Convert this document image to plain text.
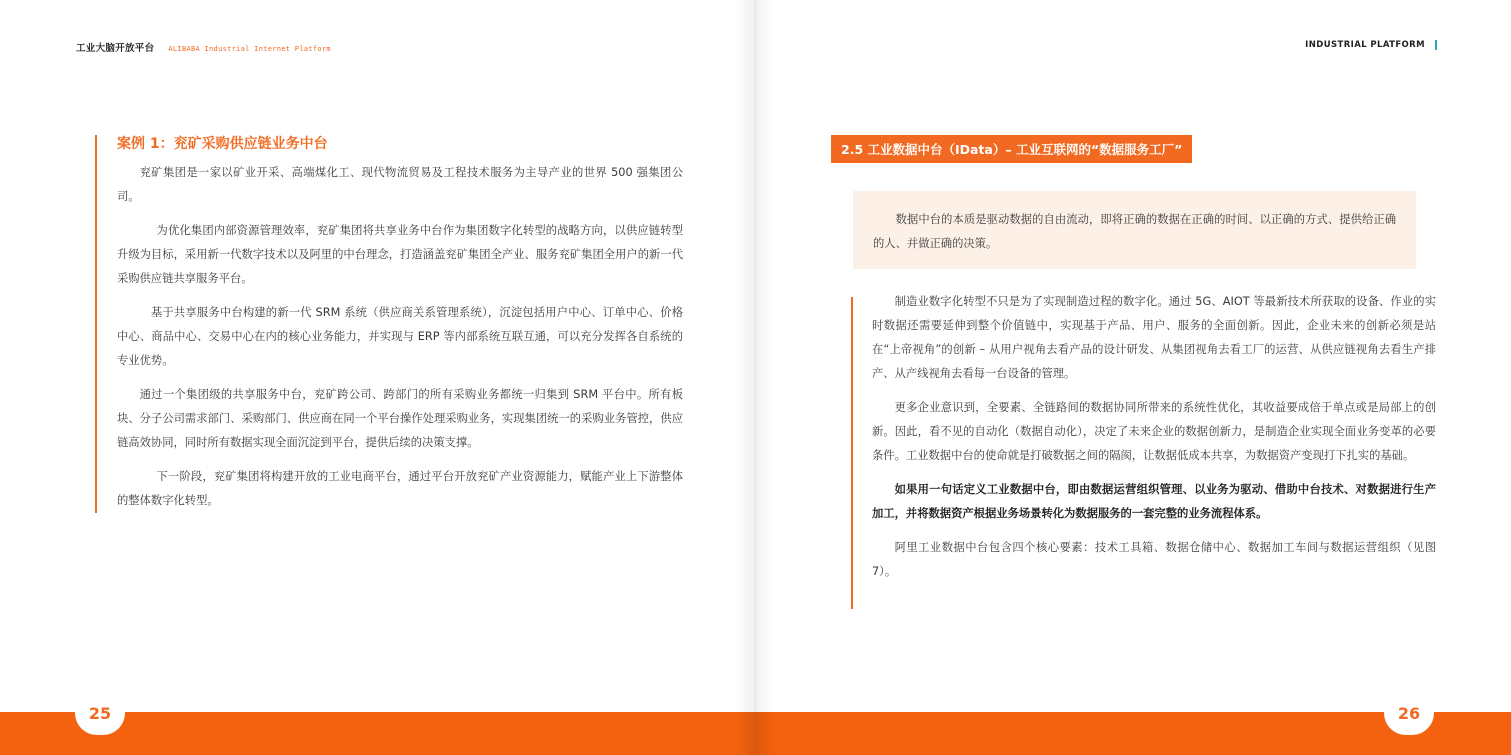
工业大脑开放平台 ALIBABA Industrial Internet Platform
案例 1：兖矿采购供应链业务中台

兖矿集团是一家以矿业开采、高端煤化工、现代物流贸易及工程技术服务为主导产业的世界 500 强集团公司。

为优化集团内部资源管理效率，兖矿集团将共享业务中台作为集团数字化转型的战略方向，以供应链转型升级为目标，采用新一代数字技术以及阿里的中台理念，打造涵盖兖矿集团全产业、服务兖矿集团全用户的新一代采购供应链共享服务平台。

基于共享服务中台构建的新一代 SRM 系统（供应商关系管理系统），沉淀包括用户中心、订单中心、价格中心、商品中心、交易中心在内的核心业务能力，并实现与 ERP 等内部系统互联互通，可以充分发挥各自系统的专业优势。

通过一个集团级的共享服务中台，兖矿跨公司、跨部门的所有采购业务都统一归集到 SRM 平台中。所有板块、分子公司需求部门、采购部门、供应商在同一个平台操作处理采购业务，实现集团统一的采购业务管控，供应链高效协同，同时所有数据实现全面沉淀到平台，提供后续的决策支撑。

下一阶段，兖矿集团将构建开放的工业电商平台，通过平台开放兖矿产业资源能力，赋能产业上下游整体的整体数字化转型。

INDUSTRIAL PLATFORM
2.5 工业数据中台（IData）– 工业互联网的“数据服务工厂”

数据中台的本质是驱动数据的自由流动，即将正确的数据在正确的时间、以正确的方式、提供给正确的人、并做正确的决策。

制造业数字化转型不只是为了实现制造过程的数字化。通过 5G、AIOT 等最新技术所获取的设备、作业的实时数据还需要延伸到整个价值链中，实现基于产品、用户、服务的全面创新。因此，企业未来的创新必须是站在“上帝视角”的创新 – 从用户视角去看产品的设计研发、从集团视角去看工厂的运营、从供应链视角去看生产排产、从产线视角去看每一台设备的管理。

更多企业意识到，全要素、全链路间的数据协同所带来的系统性优化，其收益要成倍于单点或是局部上的创新。因此，看不见的自动化（数据自动化），决定了未来企业的数据创新力，是制造企业实现全面业务变革的必要条件。工业数据中台的使命就是打破数据之间的隔阂，让数据低成本共享，为数据资产变现打下扎实的基础。

如果用一句话定义工业数据中台，即由数据运营组织管理、以业务为驱动、借助中台技术、对数据进行生产加工，并将数据资产根据业务场景转化为数据服务的一套完整的业务流程体系。

阿里工业数据中台包含四个核心要素：技术工具箱、数据仓储中心、数据加工车间与数据运营组织（见图 7）。

25	26
